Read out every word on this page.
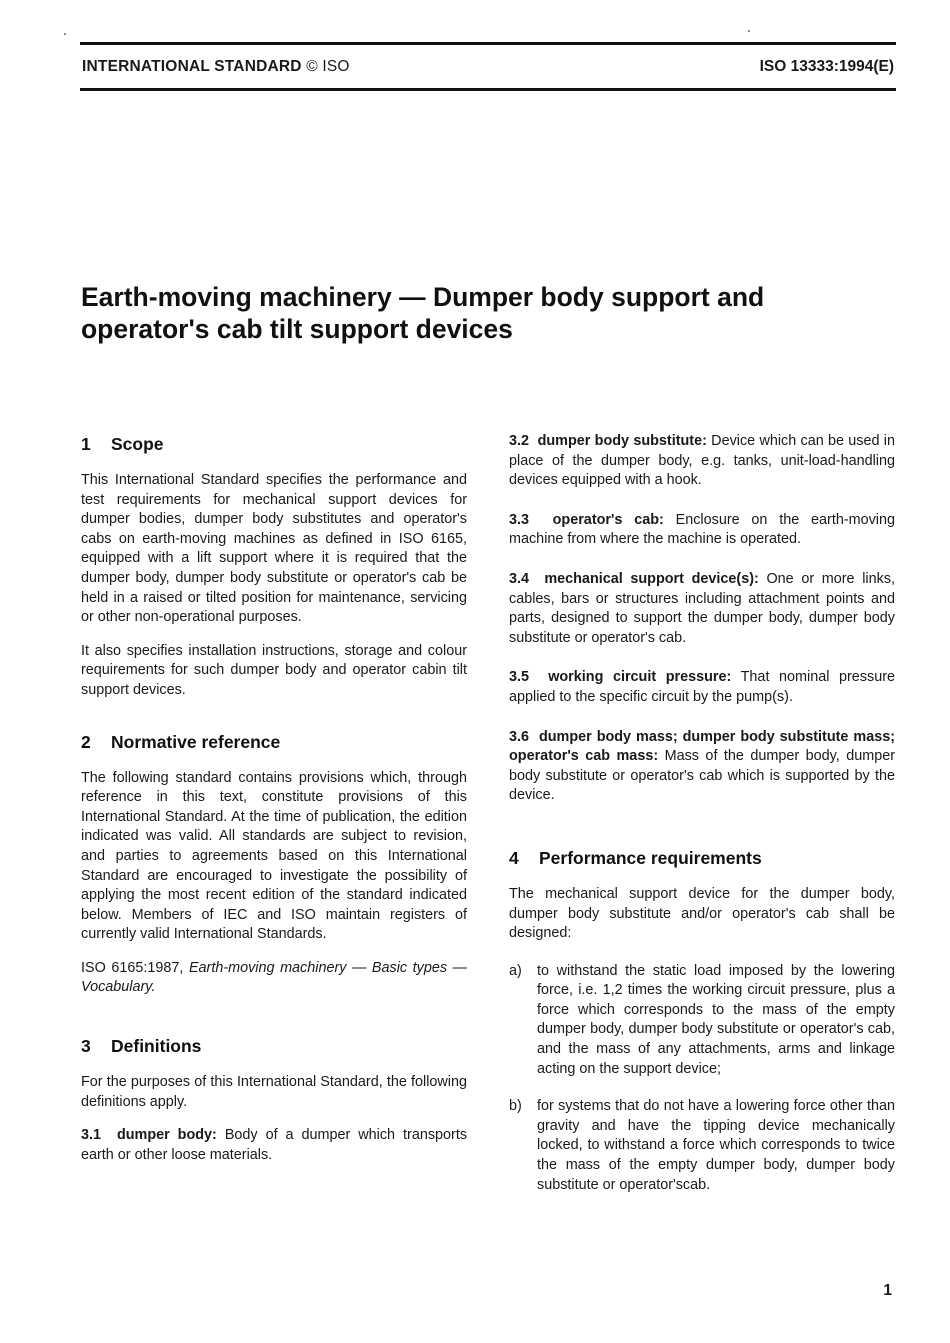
INTERNATIONAL STANDARD © ISO	ISO 13333:1994(E)
Earth-moving machinery — Dumper body support and
operator's cab tilt support devices
1 Scope

This International Standard specifies the performance and test requirements for mechanical support devices for dumper bodies, dumper body substitutes and operator's cabs on earth-moving machines as defined in ISO 6165, equipped with a lift support where it is required that the dumper body, dumper body substitute or operator's cab be held in a raised or tilted position for maintenance, servicing or other non-operational purposes.

It also specifies installation instructions, storage and colour requirements for such dumper body and operator cabin tilt support devices.

2 Normative reference

The following standard contains provisions which, through reference in this text, constitute provisions of this International Standard. At the time of publication, the edition indicated was valid. All standards are subject to revision, and parties to agreements based on this International Standard are encouraged to investigate the possibility of applying the most recent edition of the standard indicated below. Members of IEC and ISO maintain registers of currently valid International Standards.

ISO 6165:1987, Earth-moving machinery — Basic types — Vocabulary.

3 Definitions

For the purposes of this International Standard, the following definitions apply.

3.1 dumper body: Body of a dumper which transports earth or other loose materials.

3.2 dumper body substitute: Device which can be used in place of the dumper body, e.g. tanks, unit-load-handling devices equipped with a hook.

3.3 operator's cab: Enclosure on the earth-moving machine from where the machine is operated.

3.4 mechanical support device(s): One or more links, cables, bars or structures including attachment points and parts, designed to support the dumper body, dumper body substitute or operator's cab.

3.5 working circuit pressure: That nominal pressure applied to the specific circuit by the pump(s).

3.6 dumper body mass; dumper body substitute mass; operator's cab mass: Mass of the dumper body, dumper body substitute or operator's cab which is supported by the device.

4 Performance requirements

The mechanical support device for the dumper body, dumper body substitute and/or operator's cab shall be designed:

a)	to withstand the static load imposed by the lowering force, i.e. 1,2 times the working circuit pressure, plus a force which corresponds to the mass of the empty dumper body, dumper body substitute or operator's cab, and the mass of any attachments, arms and linkage acting on the support device;
b)	for systems that do not have a lowering force other than gravity and have the tipping device mechanically locked, to withstand a force which corresponds to twice the mass of the empty dumper body, dumper body substitute or operator'scab.
1
